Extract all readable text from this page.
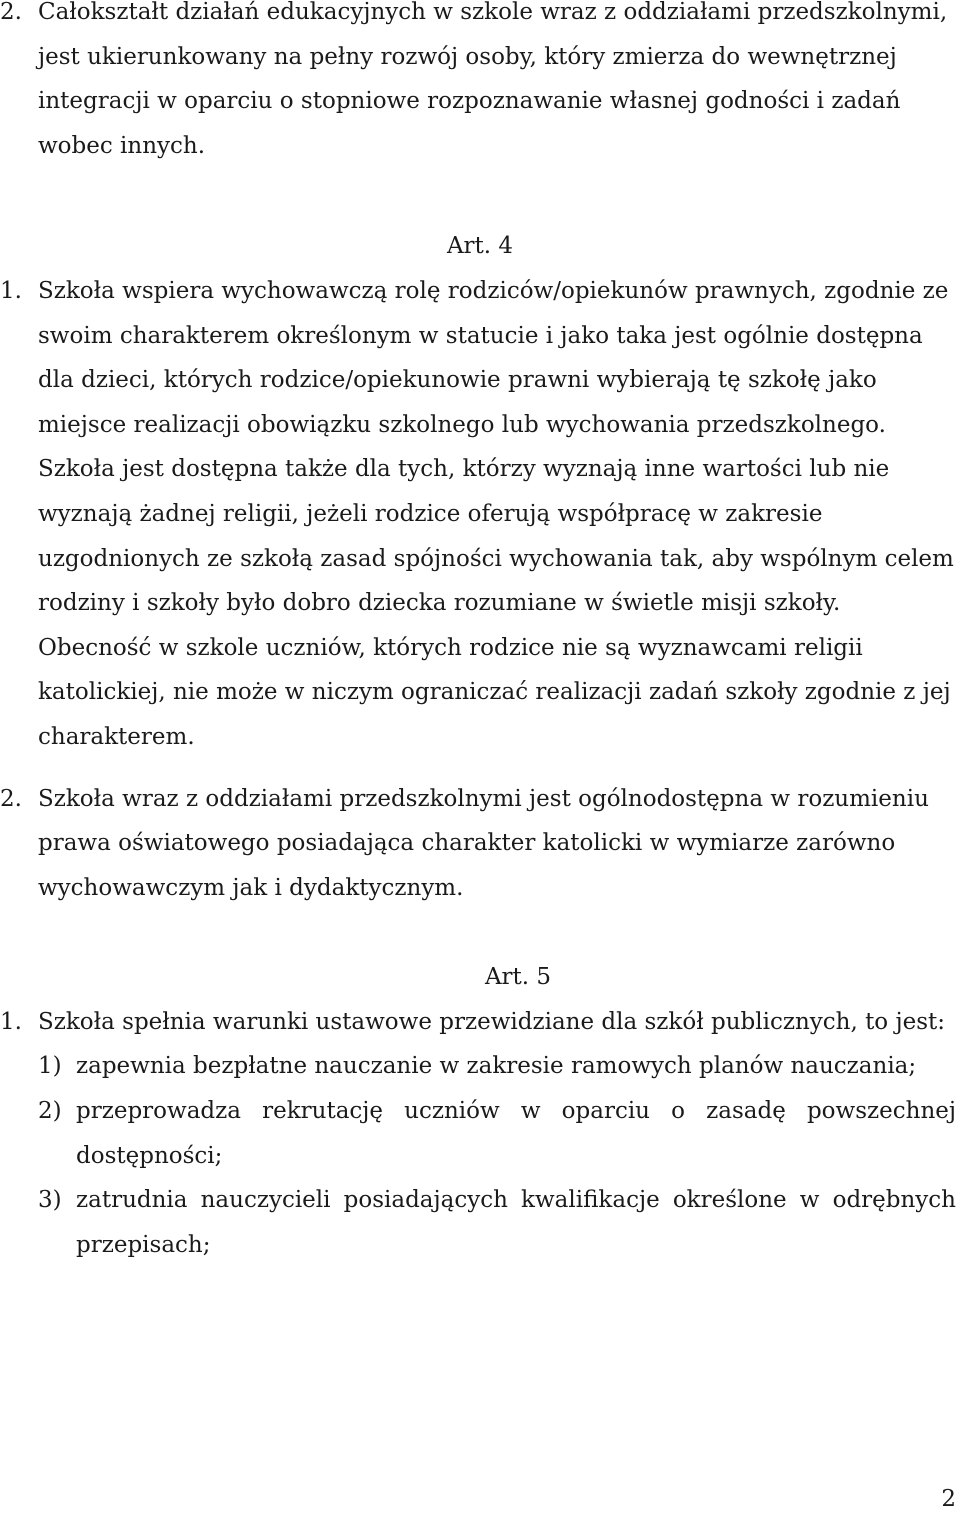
2. Całokształt działań edukacyjnych w szkole wraz z oddziałami przedszkolnymi, jest ukierunkowany na pełny rozwój osoby, który zmierza do wewnętrznej integracji w oparciu o stopniowe rozpoznawanie własnej godności i zadań wobec innych.

Art. 4

1. Szkoła wspiera wychowawczą rolę rodziców/opiekunów prawnych, zgodnie ze swoim charakterem określonym w statucie i jako taka jest ogólnie dostępna dla dzieci, których rodzice/opiekunowie prawni wybierają tę szkołę jako miejsce realizacji obowiązku szkolnego lub wychowania przedszkolnego.

Szkoła jest dostępna także dla tych, którzy wyznają inne wartości lub nie wyznają żadnej religii, jeżeli rodzice oferują współpracę w zakresie uzgodnionych ze szkołą zasad spójności wychowania tak, aby wspólnym celem rodziny i szkoły było dobro dziecka rozumiane w świetle misji szkoły.

Obecność w szkole uczniów, których rodzice nie są wyznawcami religii katolickiej, nie może w niczym ograniczać realizacji zadań szkoły zgodnie z jej charakterem.

2. Szkoła wraz z oddziałami przedszkolnymi jest ogólnodostępna w rozumieniu prawa oświatowego posiadająca charakter katolicki w wymiarze zarówno wychowawczym jak i dydaktycznym.

Art. 5

1. Szkoła spełnia warunki ustawowe przewidziane dla szkół publicznych, to jest:

1) zapewnia bezpłatne nauczanie w zakresie ramowych planów nauczania;

2) przeprowadza rekrutację uczniów w oparciu o zasadę powszechnej dostępności;

3) zatrudnia nauczycieli posiadających kwalifikacje określone w odrębnych przepisach;

2
